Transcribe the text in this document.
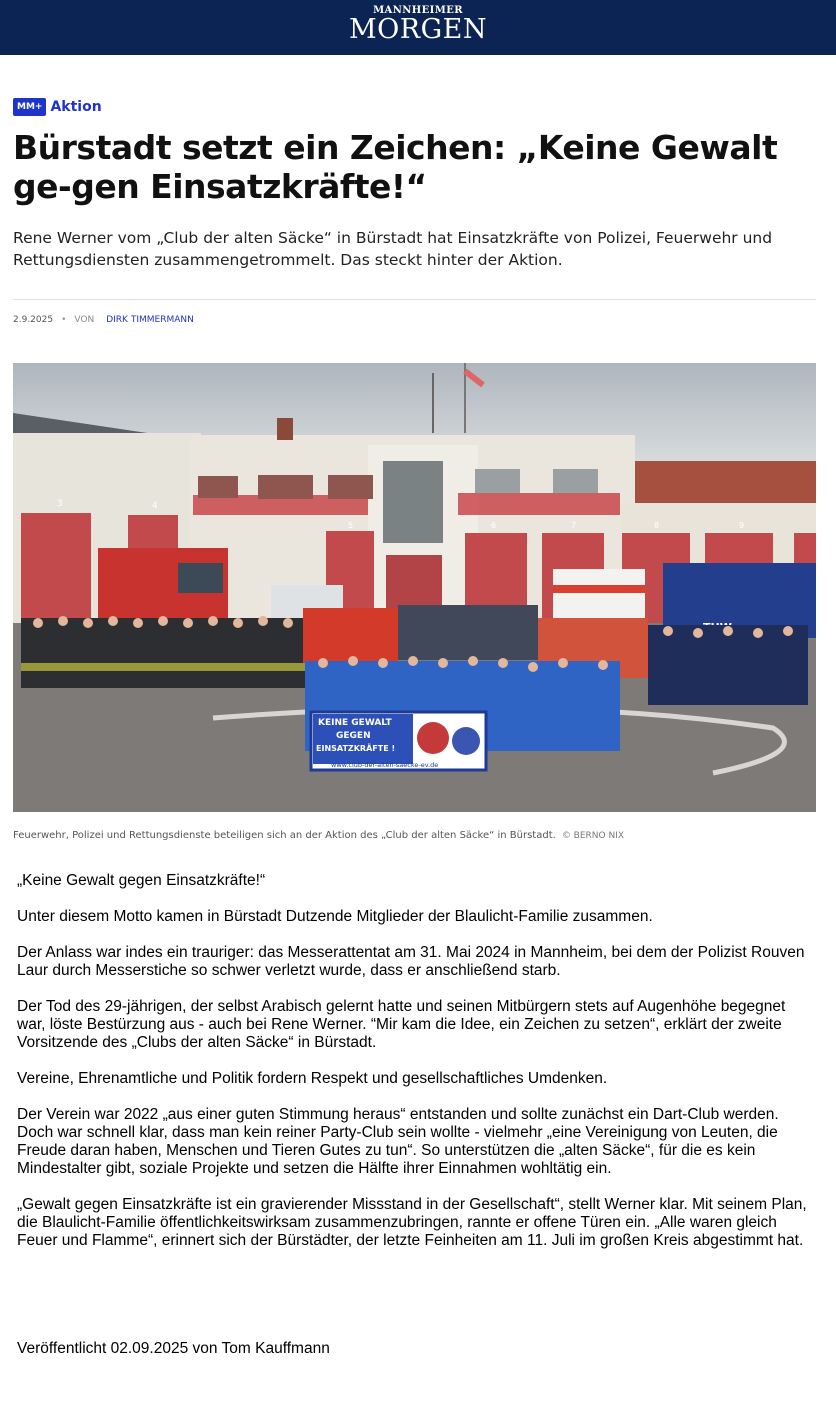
MANNHEIMER
MORGEN
MM+ Aktion
Bürstadt setzt ein Zeichen: „Keine Gewalt ge-gen Einsatzkräfte!“

Rene Werner vom „Club der alten Säcke“ in Bürstadt hat Einsatzkräfte von Polizei, Feuerwehr und Rettungsdiensten zusammengetrommelt. Das steckt hinter der Aktion.

2.9.2025 • VON DIRK TIMMERMANN
3	4
5	6	7	8	9
KEINE GEWALT
GEGEN
EINSATZKRÄFTE !
www.club-der-alten-saecke-ev.de
Feuerwehr, Polizei und Rettungsdienste beteiligen sich an der Aktion des „Club der alten Säcke“ in Bürstadt. © BERNO NIX

„Keine Gewalt gegen Einsatzkräfte!“

Unter diesem Motto kamen in Bürstadt Dutzende Mitglieder der Blaulicht-Familie zusammen.

Der Anlass war indes ein trauriger: das Messerattentat am 31. Mai 2024 in Mannheim, bei dem der Polizist Rouven Laur durch Messerstiche so schwer verletzt wurde, dass er anschließend starb.

Der Tod des 29-jährigen, der selbst Arabisch gelernt hatte und seinen Mitbürgern stets auf Augenhöhe begegnet war, löste Bestürzung aus - auch bei Rene Werner. “Mir kam die Idee, ein Zeichen zu setzen“, erklärt der zweite Vorsitzende des „Clubs der alten Säcke“ in Bürstadt.

Vereine, Ehrenamtliche und Politik fordern Respekt und gesellschaftliches Umdenken.

Der Verein war 2022 „aus einer guten Stimmung heraus“ entstanden und sollte zunächst ein Dart-Club werden. Doch war schnell klar, dass man kein reiner Party-Club sein wollte - vielmehr „eine Vereinigung von Leuten, die Freude daran haben, Menschen und Tieren Gutes zu tun“. So unterstützen die „alten Säcke“, für die es kein Mindestalter gibt, soziale Projekte und setzen die Hälfte ihrer Einnahmen wohltätig ein.

„Gewalt gegen Einsatzkräfte ist ein gravierender Missstand in der Gesellschaft“, stellt Werner klar. Mit seinem Plan, die Blaulicht-Familie öffentlichkeitswirksam zusammenzubringen, rannte er offene Türen ein. „Alle waren gleich Feuer und Flamme“, erinnert sich der Bürstädter, der letzte Feinheiten am 11. Juli im großen Kreis abgestimmt hat.

Veröffentlicht 02.09.2025 von Tom Kauffmann
